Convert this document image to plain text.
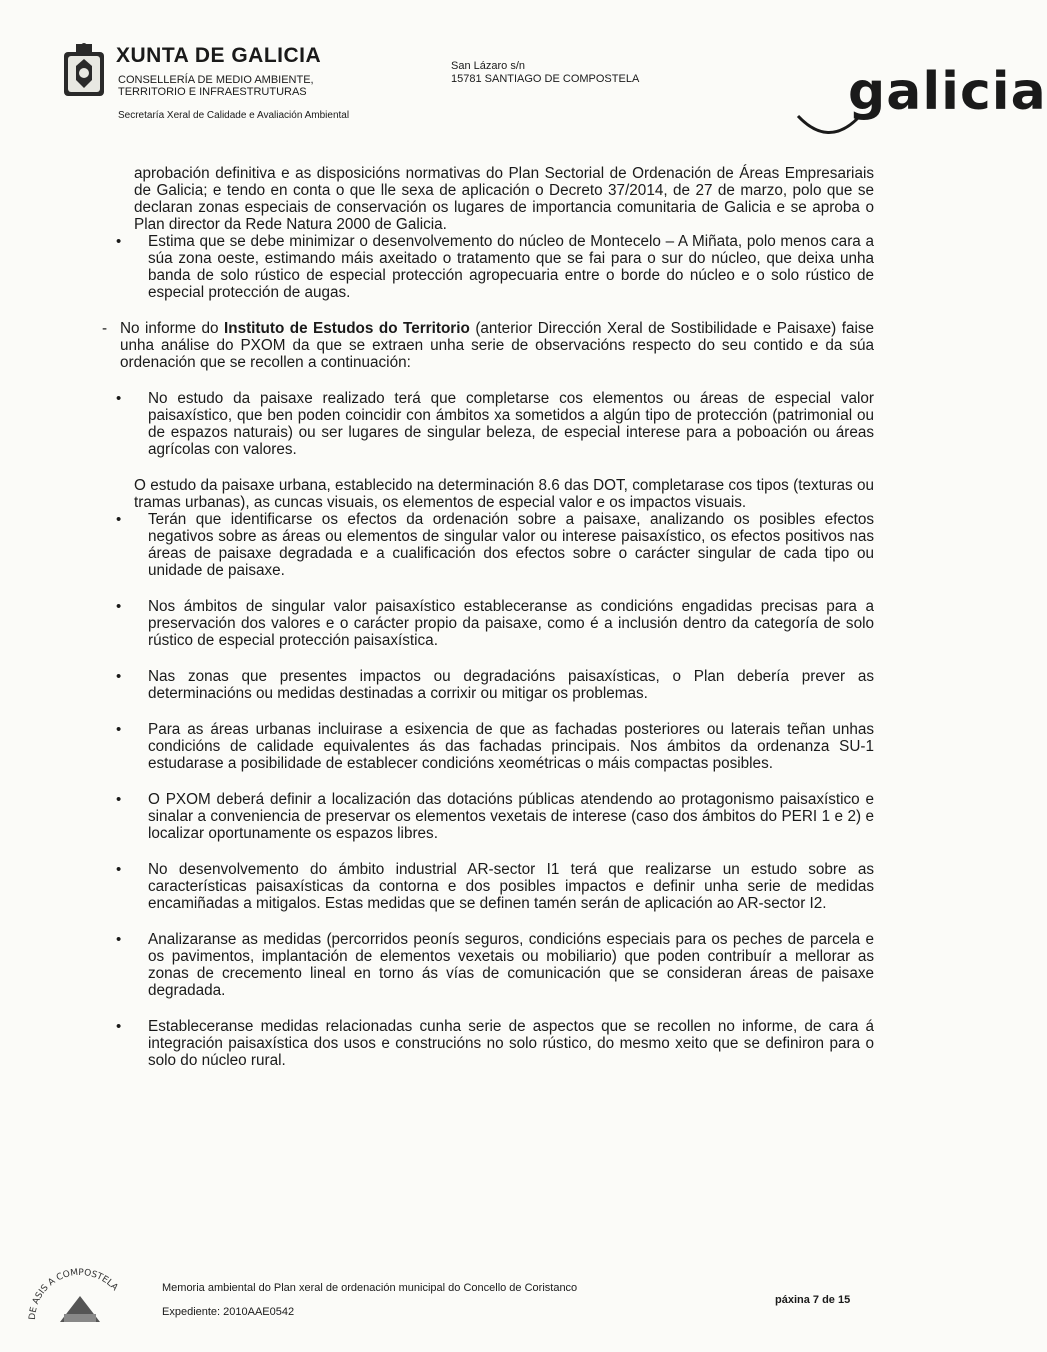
XUNTA DE GALICIA
CONSELLERÍA DE MEDIO AMBIENTE,
TERRITORIO E INFRAESTRUTURAS
Secretaría Xeral de Calidade e Avaliación Ambiental
San Lázaro s/n
15781 SANTIAGO DE COMPOSTELA	galicia

aprobación definitiva e as disposicións normativas do Plan Sectorial de Ordenación de Áreas Empresariais de Galicia; e tendo en conta o que lle sexa de aplicación o Decreto 37/2014, de 27 de marzo, polo que se declaran zonas especiais de conservación os lugares de importancia comunitaria de Galicia e se aproba o Plan director da Rede Natura 2000 de Galicia.

• Estima que se debe minimizar o desenvolvemento do núcleo de Montecelo – A Miñata, polo menos cara a súa zona oeste, estimando máis axeitado o tratamento que se fai para o sur do núcleo, que deixa unha banda de solo rústico de especial protección agropecuaria entre o borde do núcleo e o solo rústico de especial protección de augas.

- No informe do Instituto de Estudos do Territorio (anterior Dirección Xeral de Sostibilidade e Paisaxe) faise unha análise do PXOM da que se extraen unha serie de observacións respecto do seu contido e da súa ordenación que se recollen a continuación:

• No estudo da paisaxe realizado terá que completarse cos elementos ou áreas de especial valor paisaxístico, que ben poden coincidir con ámbitos xa sometidos a algún tipo de protección (patrimonial ou de espazos naturais) ou ser lugares de singular beleza, de especial interese para a poboación ou áreas agrícolas con valores.

O estudo da paisaxe urbana, establecido na determinación 8.6 das DOT, completarase cos tipos (texturas ou tramas urbanas), as cuncas visuais, os elementos de especial valor e os impactos visuais.

• Terán que identificarse os efectos da ordenación sobre a paisaxe, analizando os posibles efectos negativos sobre as áreas ou elementos de singular valor ou interese paisaxístico, os efectos positivos nas áreas de paisaxe degradada e a cualificación dos efectos sobre o carácter singular de cada tipo ou unidade de paisaxe.

• Nos ámbitos de singular valor paisaxístico estableceranse as condicións engadidas precisas para a preservación dos valores e o carácter propio da paisaxe, como é a inclusión dentro da categoría de solo rústico de especial protección paisaxística.

• Nas zonas que presentes impactos ou degradacións paisaxísticas, o Plan debería prever as determinacións ou medidas destinadas a corrixir ou mitigar os problemas.

• Para as áreas urbanas incluirase a esixencia de que as fachadas posteriores ou laterais teñan unhas condicións de calidade equivalentes ás das fachadas principais. Nos ámbitos da ordenanza SU-1 estudarase a posibilidade de establecer condicións xeométricas o máis compactas posibles.

• O PXOM deberá definir a localización das dotacións públicas atendendo ao protagonismo paisaxístico e sinalar a conveniencia de preservar os elementos vexetais de interese (caso dos ámbitos do PERI 1 e 2) e localizar oportunamente os espazos libres.

• No desenvolvemento do ámbito industrial AR-sector I1 terá que realizarse un estudo sobre as características paisaxísticas da contorna e dos posibles impactos e definir unha serie de medidas encamiñadas a mitigalos. Estas medidas que se definen tamén serán de aplicación ao AR-sector I2.

• Analizaranse as medidas (percorridos peonís seguros, condicións especiais para os peches de parcela e os pavimentos, implantación de elementos vexetais ou mobiliario) que poden contribuír a mellorar as zonas de crecemento lineal en torno ás vías de comunicación que se consideran áreas de paisaxe degradada.

• Estableceranse medidas relacionadas cunha serie de aspectos que se recollen no informe, de cara á integración paisaxística dos usos e construcións no solo rústico, do mesmo xeito que se definiron para o solo do núcleo rural.

DE ASIS A COMPOSTELA	Memoria ambiental do Plan xeral de ordenación municipal do Concello de Coristanco
Expediente: 2010AAE0542
páxina 7 de 15
